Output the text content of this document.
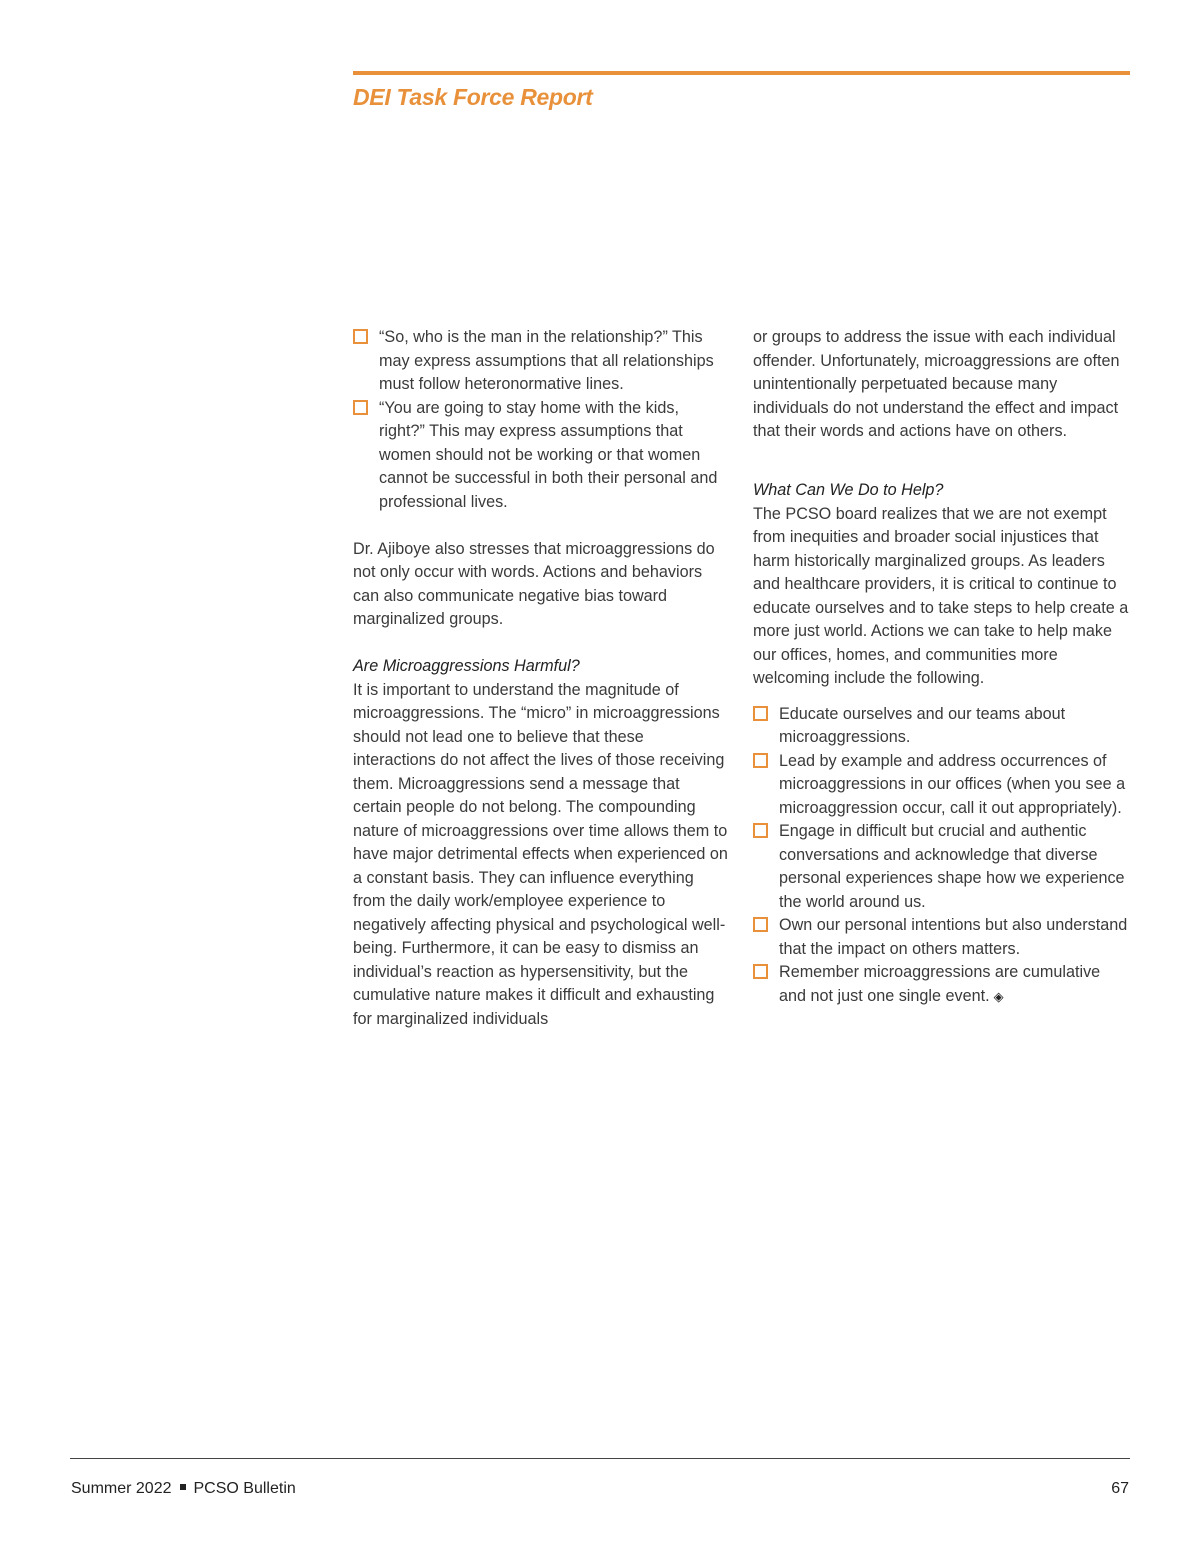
DEI Task Force Report
“So, who is the man in the relationship?” This may express assumptions that all relationships must follow heteronormative lines.
“You are going to stay home with the kids, right?” This may express assumptions that women should not be working or that women cannot be successful in both their personal and professional lives.

Dr. Ajiboye also stresses that microaggressions do not only occur with words. Actions and behaviors can also communicate negative bias toward marginalized groups.

Are Microaggressions Harmful?

It is important to understand the magnitude of microaggressions. The “micro” in microaggressions should not lead one to believe that these interactions do not affect the lives of those receiving them. Microaggressions send a message that certain people do not belong. The compounding nature of microaggressions over time allows them to have major detrimental effects when experienced on a constant basis. They can influence everything from the daily work/employee experience to negatively affecting physical and psychological well-being. Furthermore, it can be easy to dismiss an individual’s reaction as hypersensitivity, but the cumulative nature makes it difficult and exhausting for marginalized individuals

or groups to address the issue with each individual offender. Unfortunately, microaggressions are often unintentionally perpetuated because many individuals do not understand the effect and impact that their words and actions have on others.

What Can We Do to Help?

The PCSO board realizes that we are not exempt from inequities and broader social injustices that harm historically marginalized groups. As leaders and healthcare providers, it is critical to continue to educate ourselves and to take steps to help create a more just world. Actions we can take to help make our offices, homes, and communities more welcoming include the following.

Educate ourselves and our teams about microaggressions.
Lead by example and address occurrences of microaggressions in our offices (when you see a microaggression occur, call it out appropriately).
Engage in difficult but crucial and authentic conversations and acknowledge that diverse personal experiences shape how we experience the world around us.
Own our personal intentions but also understand that the impact on others matters.
Remember microaggressions are cumulative and not just one single event. ◈
Summer 2022 PCSO Bulletin	67
